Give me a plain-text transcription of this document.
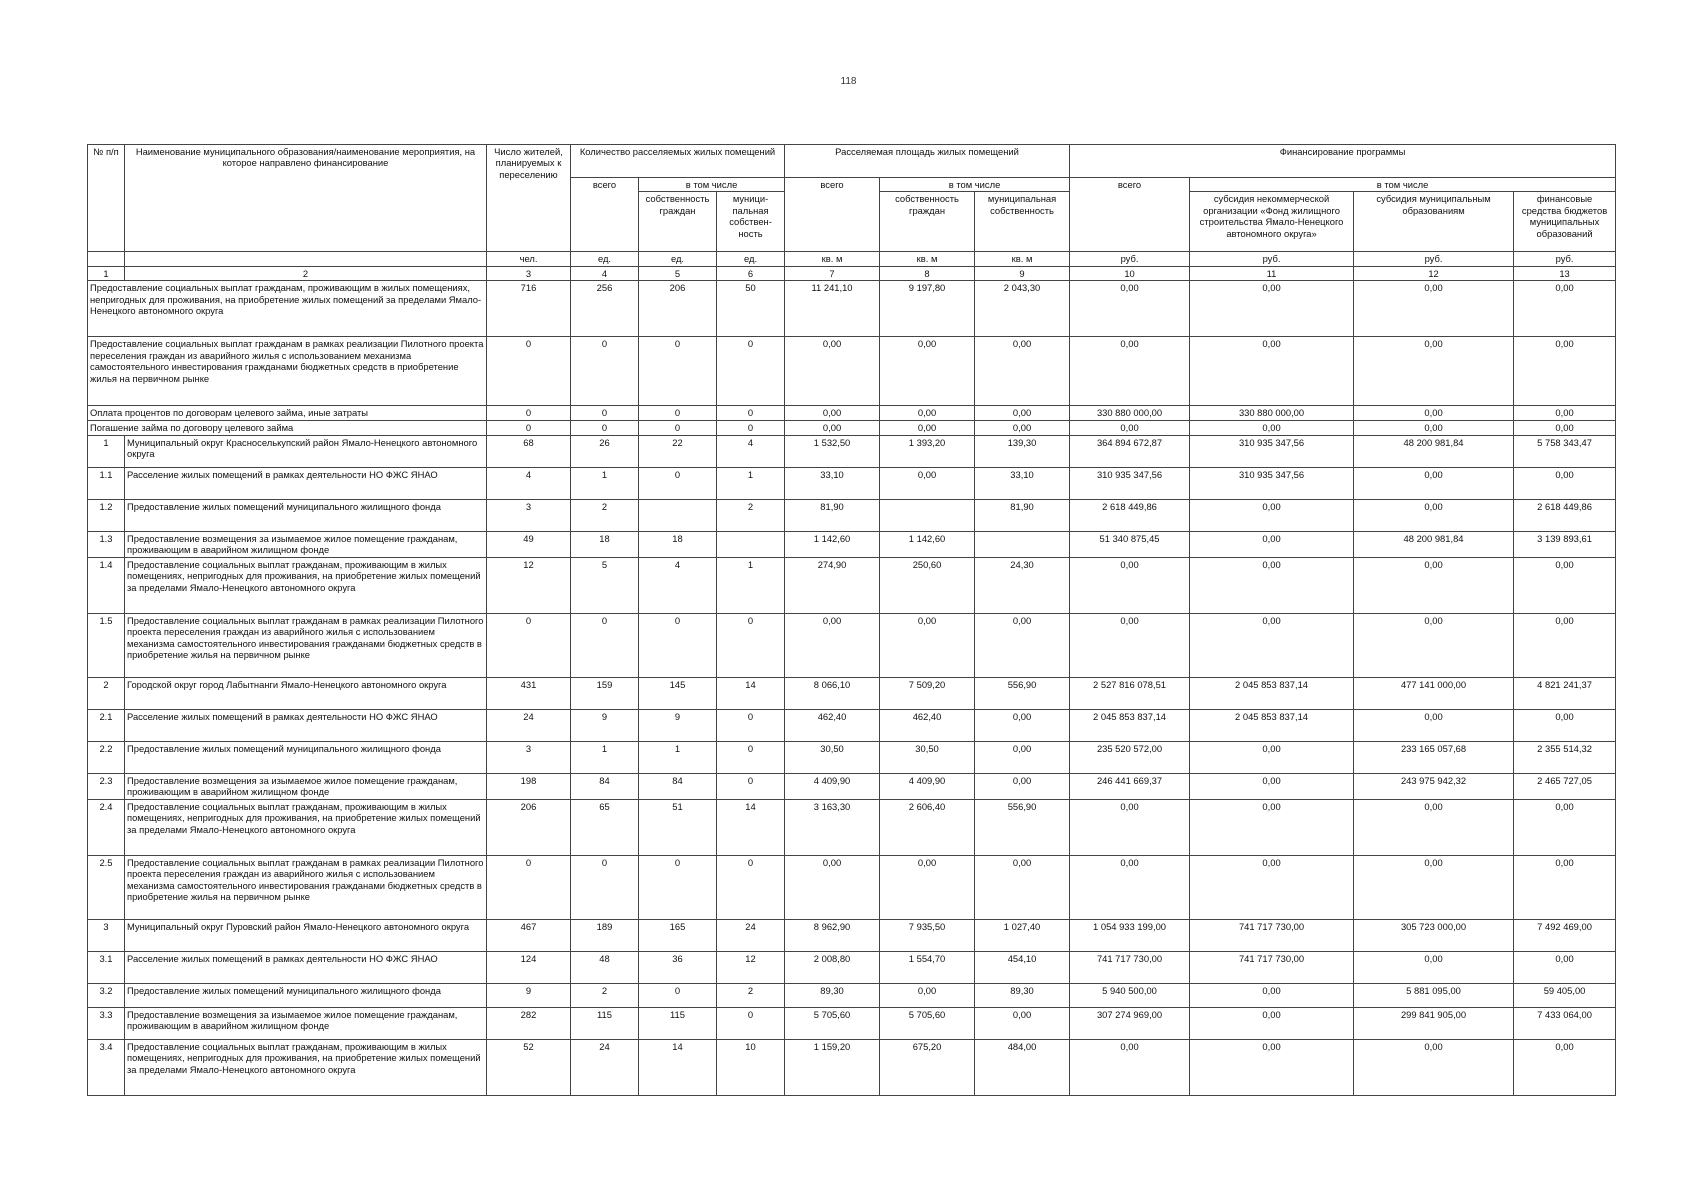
118
№ п/п	Наименование муниципального образования/наименование мероприятия, на которое направлено финансирование	Число жителей, планируемых к переселению	Количество расселяемых жилых помещений			Расселяемая площадь жилых помещений			Финансирование программы			
			всего	в том числе		всего	в том числе		всего	в том числе		
				собственность граждан	муници-пальная собствен-ность		собственность граждан	муниципальная собственность		субсидия некоммерческой организации «Фонд жилищного строительства Ямало-Ненецкого автономного округа»	субсидия муниципальным образованиям	финансовые средства бюджетов муниципальных образований
		чел.	ед.	ед.	ед.	кв. м	кв. м	кв. м	руб.	руб.	руб.	руб.
1	2	3	4	5	6	7	8	9	10	11	12	13
Предоставление социальных выплат гражданам, проживающим в жилых помещениях, непригодных для проживания, на приобретение жилых помещений за пределами Ямало-Ненецкого автономного округа		716	256	206	50	11 241,10	9 197,80	2 043,30	0,00	0,00	0,00	0,00
Предоставление социальных выплат гражданам в рамках реализации Пилотного проекта переселения граждан из аварийного жилья с использованием механизма самостоятельного инвестирования гражданами бюджетных средств в приобретение жилья на первичном рынке		0	0	0	0	0,00	0,00	0,00	0,00	0,00	0,00	0,00
Оплата процентов по договорам целевого займа, иные затраты		0	0	0	0	0,00	0,00	0,00	330 880 000,00	330 880 000,00	0,00	0,00
Погашение займа по договору целевого займа		0	0	0	0	0,00	0,00	0,00	0,00	0,00	0,00	0,00
1	Муниципальный округ Красноселькупский район Ямало-Ненецкого автономного округа	68	26	22	4	1 532,50	1 393,20	139,30	364 894 672,87	310 935 347,56	48 200 981,84	5 758 343,47
1.1	Расселение жилых помещений в рамках деятельности НО ФЖС ЯНАО	4	1	0	1	33,10	0,00	33,10	310 935 347,56	310 935 347,56	0,00	0,00
1.2	Предоставление жилых помещений муниципального жилищного фонда	3	2		2	81,90		81,90	2 618 449,86	0,00	0,00	2 618 449,86
1.3	Предоставление возмещения за изымаемое жилое помещение гражданам, проживающим в аварийном жилищном фонде	49	18	18		1 142,60	1 142,60		51 340 875,45	0,00	48 200 981,84	3 139 893,61
1.4	Предоставление социальных выплат гражданам, проживающим в жилых помещениях, непригодных для проживания, на приобретение жилых помещений за пределами Ямало-Ненецкого автономного округа	12	5	4	1	274,90	250,60	24,30	0,00	0,00	0,00	0,00
1.5	Предоставление социальных выплат гражданам в рамках реализации Пилотного проекта переселения граждан из аварийного жилья с использованием механизма самостоятельного инвестирования гражданами бюджетных средств в приобретение жилья на первичном рынке	0	0	0	0	0,00	0,00	0,00	0,00	0,00	0,00	0,00
2	Городской округ город Лабытнанги Ямало-Ненецкого автономного округа	431	159	145	14	8 066,10	7 509,20	556,90	2 527 816 078,51	2 045 853 837,14	477 141 000,00	4 821 241,37
2.1	Расселение жилых помещений в рамках деятельности НО ФЖС ЯНАО	24	9	9	0	462,40	462,40	0,00	2 045 853 837,14	2 045 853 837,14	0,00	0,00
2.2	Предоставление жилых помещений муниципального жилищного фонда	3	1	1	0	30,50	30,50	0,00	235 520 572,00	0,00	233 165 057,68	2 355 514,32
2.3	Предоставление возмещения за изымаемое жилое помещение гражданам, проживающим в аварийном жилищном фонде	198	84	84	0	4 409,90	4 409,90	0,00	246 441 669,37	0,00	243 975 942,32	2 465 727,05
2.4	Предоставление социальных выплат гражданам, проживающим в жилых помещениях, непригодных для проживания, на приобретение жилых помещений за пределами Ямало-Ненецкого автономного округа	206	65	51	14	3 163,30	2 606,40	556,90	0,00	0,00	0,00	0,00
2.5	Предоставление социальных выплат гражданам в рамках реализации Пилотного проекта переселения граждан из аварийного жилья с использованием механизма самостоятельного инвестирования гражданами бюджетных средств в приобретение жилья на первичном рынке	0	0	0	0	0,00	0,00	0,00	0,00	0,00	0,00	0,00
3	Муниципальный округ Пуровский район Ямало-Ненецкого автономного округа	467	189	165	24	8 962,90	7 935,50	1 027,40	1 054 933 199,00	741 717 730,00	305 723 000,00	7 492 469,00
3.1	Расселение жилых помещений в рамках деятельности НО ФЖС ЯНАО	124	48	36	12	2 008,80	1 554,70	454,10	741 717 730,00	741 717 730,00	0,00	0,00
3.2	Предоставление жилых помещений муниципального жилищного фонда	9	2	0	2	89,30	0,00	89,30	5 940 500,00	0,00	5 881 095,00	59 405,00
3.3	Предоставление возмещения за изымаемое жилое помещение гражданам, проживающим в аварийном жилищном фонде	282	115	115	0	5 705,60	5 705,60	0,00	307 274 969,00	0,00	299 841 905,00	7 433 064,00
3.4	Предоставление социальных выплат гражданам, проживающим в жилых помещениях, непригодных для проживания, на приобретение жилых помещений за пределами Ямало-Ненецкого автономного округа	52	24	14	10	1 159,20	675,20	484,00	0,00	0,00	0,00	0,00
